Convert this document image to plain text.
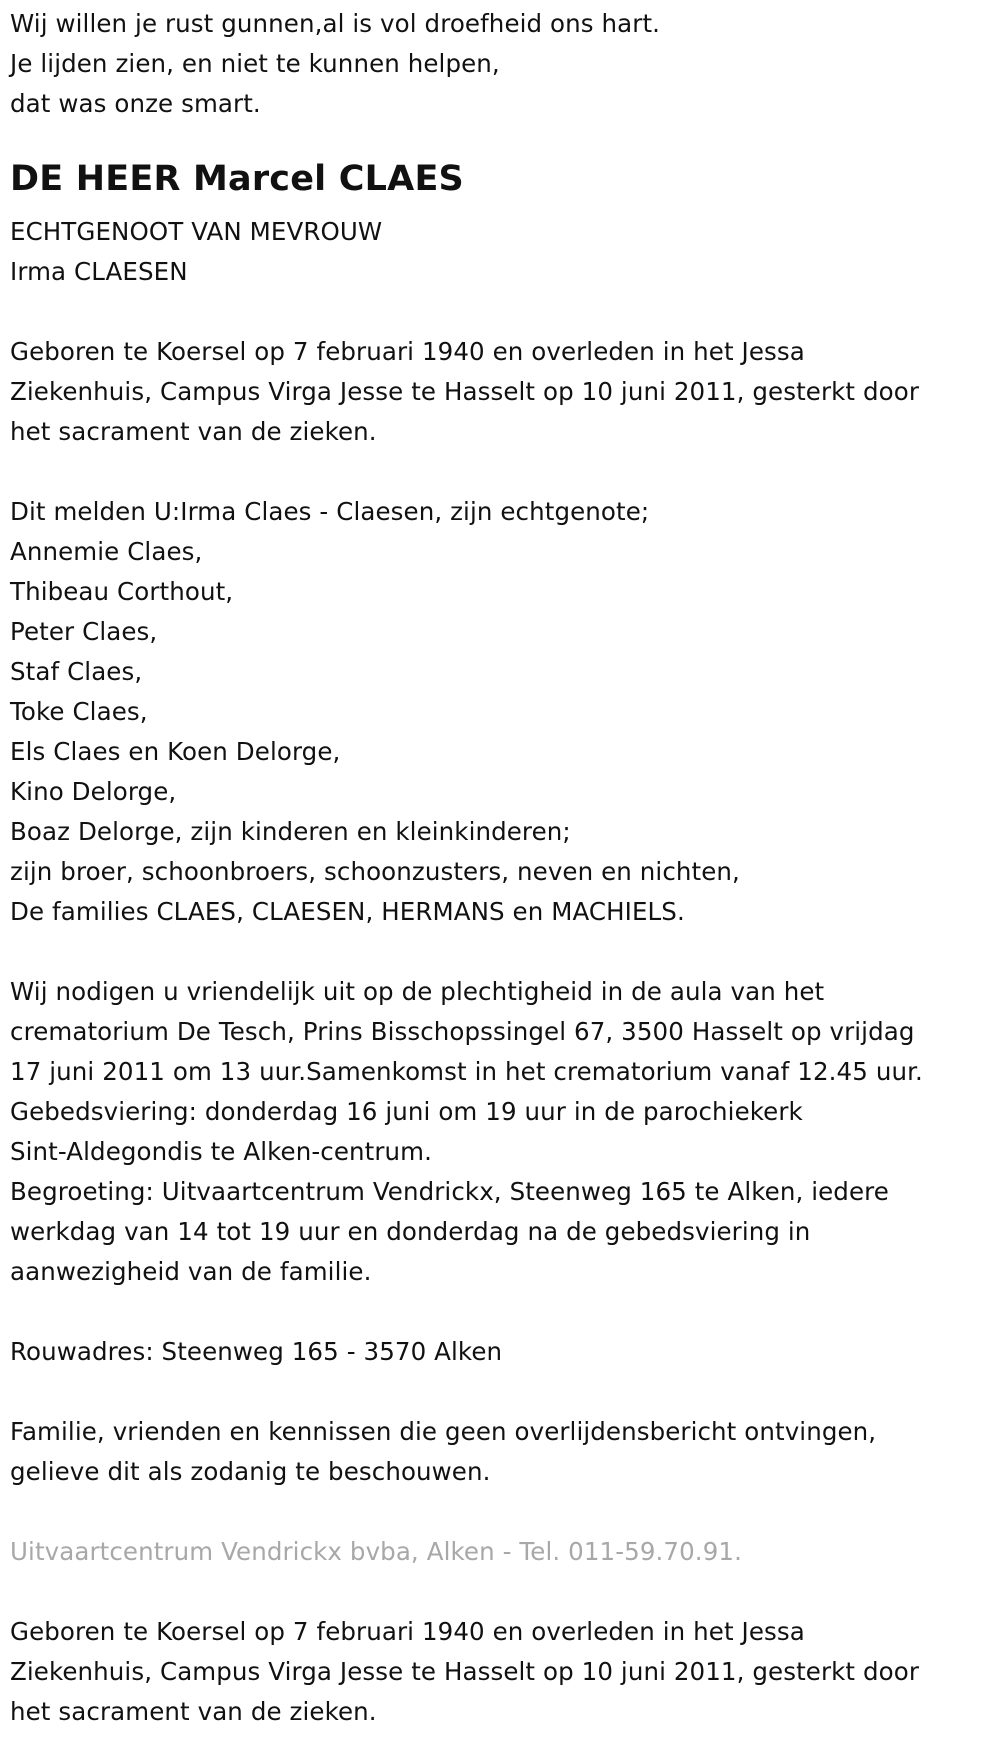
Wij willen je rust gunnen,al is vol droefheid ons hart.
Je lijden zien, en niet te kunnen helpen,
dat was onze smart.
DE HEER Marcel CLAES
ECHTGENOOT VAN MEVROUW
Irma CLAESEN
Geboren te Koersel op 7 februari 1940 en overleden in het Jessa
Ziekenhuis, Campus Virga Jesse te Hasselt op 10 juni 2011, gesterkt door
het sacrament van de zieken.
Dit melden U:Irma Claes - Claesen, zijn echtgenote;
Annemie Claes,
Thibeau Corthout,
Peter Claes,
Staf Claes,
Toke Claes,
Els Claes en Koen Delorge,
Kino Delorge,
Boaz Delorge, zijn kinderen en kleinkinderen;
zijn broer, schoonbroers, schoonzusters, neven en nichten,
De families CLAES, CLAESEN, HERMANS en MACHIELS.
Wij nodigen u vriendelijk uit op de plechtigheid in de aula van het
crematorium De Tesch, Prins Bisschopssingel 67, 3500 Hasselt op vrijdag
17 juni 2011 om 13 uur.Samenkomst in het crematorium vanaf 12.45 uur.
Gebedsviering: donderdag 16 juni om 19 uur in de parochiekerk
Sint-Aldegondis te Alken-centrum.
Begroeting: Uitvaartcentrum Vendrickx, Steenweg 165 te Alken, iedere
werkdag van 14 tot 19 uur en donderdag na de gebedsviering in
aanwezigheid van de familie.
Rouwadres: Steenweg 165 - 3570 Alken
Familie, vrienden en kennissen die geen overlijdensbericht ontvingen,
gelieve dit als zodanig te beschouwen.
Uitvaartcentrum Vendrickx bvba, Alken - Tel. 011-59.70.91.
Geboren te Koersel op 7 februari 1940 en overleden in het Jessa
Ziekenhuis, Campus Virga Jesse te Hasselt op 10 juni 2011, gesterkt door
het sacrament van de zieken.
